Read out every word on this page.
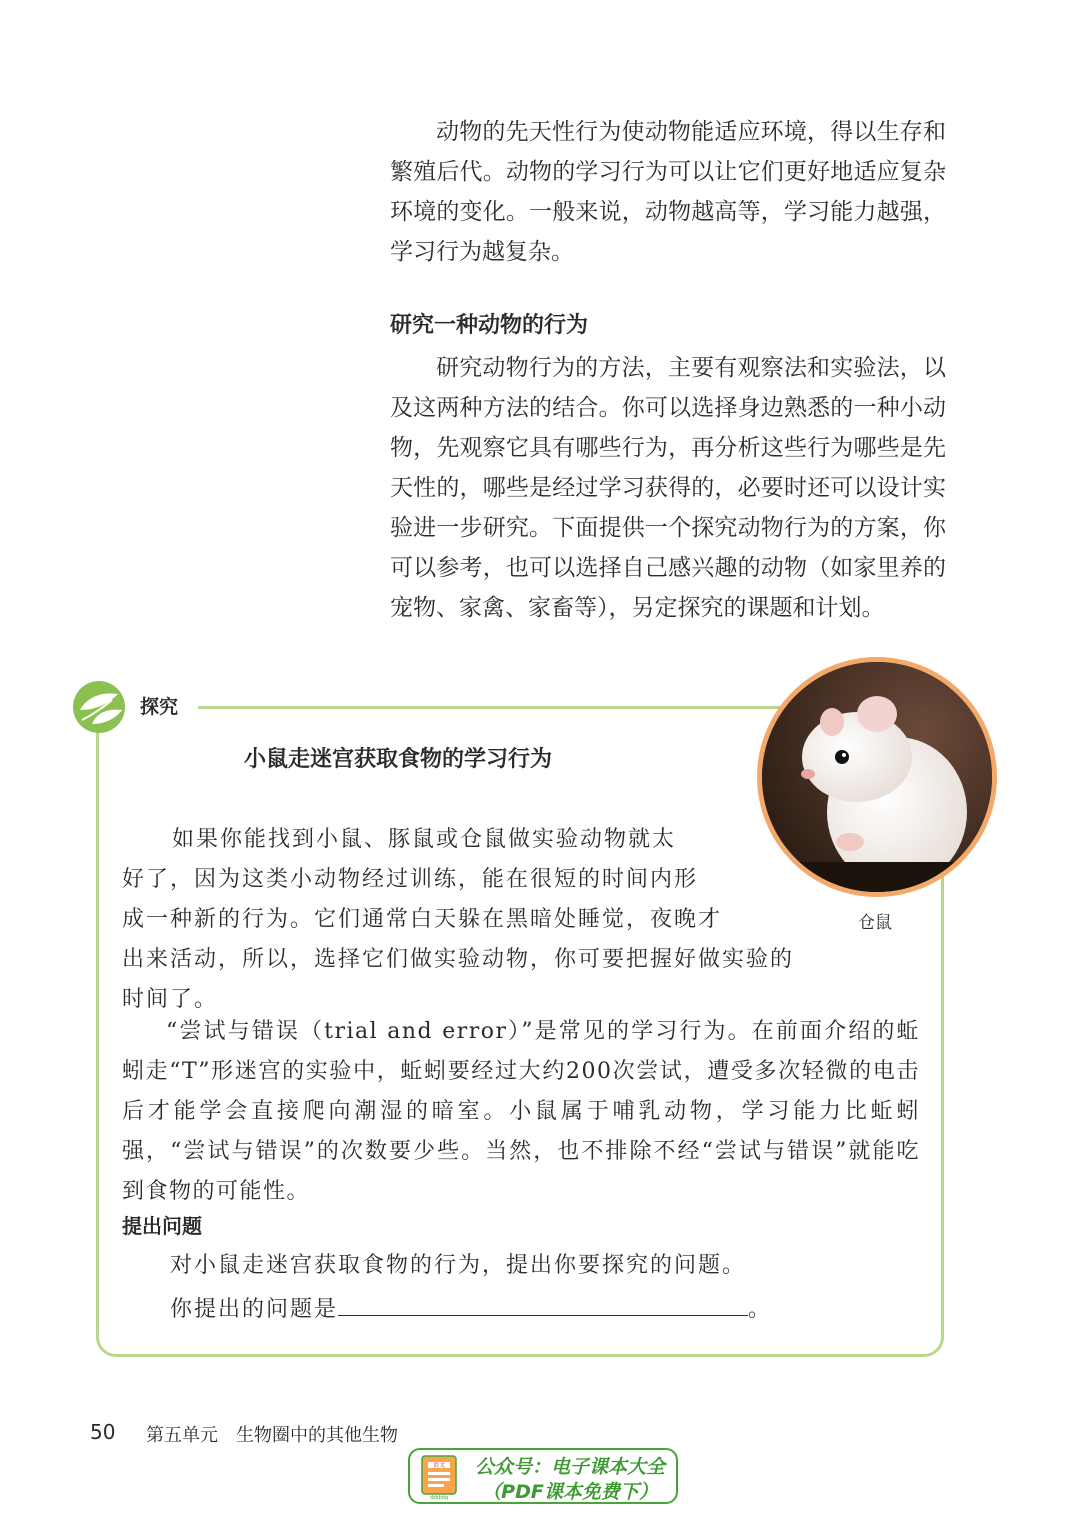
动物的先天性行为使动物能适应环境，得以生存和繁殖后代。动物的学习行为可以让它们更好地适应复杂环境的变化。一般来说，动物越高等，学习能力越强，学习行为越复杂。

研究一种动物的行为

研究动物行为的方法，主要有观察法和实验法，以及这两种方法的结合。你可以选择身边熟悉的一种小动物，先观察它具有哪些行为，再分析这些行为哪些是先天性的，哪些是经过学习获得的，必要时还可以设计实验进一步研究。下面提供一个探究动物行为的方案，你可以参考，也可以选择自己感兴趣的动物（如家里养的宠物、家禽、家畜等），另定探究的课题和计划。

探究
小鼠走迷宫获取食物的学习行为
仓鼠
如果你能找到小鼠、豚鼠或仓鼠做实验动物就太
好了，因为这类小动物经过训练，能在很短的时间内形
成一种新的行为。它们通常白天躲在黑暗处睡觉，夜晚才
出来活动，所以，选择它们做实验动物，你可要把握好做实验的
时间了。

“尝试与错误（trial and error）”是常见的学习行为。在前面介绍的蚯蚓走“T”形迷宫的实验中，蚯蚓要经过大约200次尝试，遭受多次轻微的电击后才能学会直接爬向潮湿的暗室。小鼠属于哺乳动物，学习能力比蚯蚓强，“尝试与错误”的次数要少些。当然，也不排除不经“尝试与错误”就能吃到食物的可能性。

提出问题
对小鼠走迷宫获取食物的行为，提出你要探究的问题。
你提出的问题是	。
50 第五单元　生物圈中的其他生物
语文
dzkbdq
公众号：电子课本大全
（PDF课本免费下）
